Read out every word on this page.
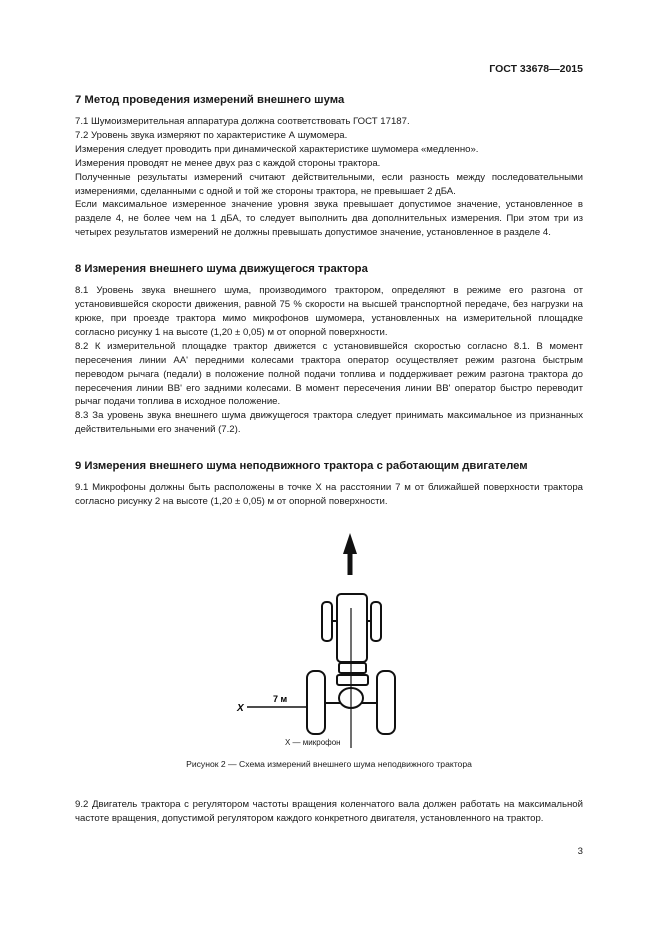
ГОСТ 33678—2015

7 Метод проведения измерений внешнего шума

7.1 Шумоизмерительная аппаратура должна соответствовать ГОСТ 17187.

7.2 Уровень звука измеряют по характеристике А шумомера.

Измерения следует проводить при динамической характеристике шумомера «медленно».

Измерения проводят не менее двух раз с каждой стороны трактора.

Полученные результаты измерений считают действительными, если разность между последовательными измерениями, сделанными с одной и той же стороны трактора, не превышает 2 дБА.

Если максимальное измеренное значение уровня звука превышает допустимое значение, установленное в разделе 4, не более чем на 1 дБА, то следует выполнить два дополнительных измерения. При этом три из четырех результатов измерений не должны превышать допустимое значение, установленное в разделе 4.

8 Измерения внешнего шума движущегося трактора

8.1 Уровень звука внешнего шума, производимого трактором, определяют в режиме его разгона от установившейся скорости движения, равной 75 % скорости на высшей транспортной передаче, без нагрузки на крюке, при проезде трактора мимо микрофонов шумомера, установленных на измерительной площадке согласно рисунку 1 на высоте (1,20 ± 0,05) м от опорной поверхности.

8.2 К измерительной площадке трактор движется с установившейся скоростью согласно 8.1. В момент пересечения линии АА' передними колесами трактора оператор осуществляет режим разгона быстрым переводом рычага (педали) в положение полной подачи топлива и поддерживает режим разгона трактора до пересечения линии ВВ' его задними колесами. В момент пересечения линии ВВ' оператор быстро переводит рычаг подачи топлива в исходное положение.

8.3 За уровень звука внешнего шума движущегося трактора следует принимать максимальное из признанных действительными его значений (7.2).

9 Измерения внешнего шума неподвижного трактора с работающим двигателем

9.1 Микрофоны должны быть расположены в точке X на расстоянии 7 м от ближайшей поверхности трактора согласно рисунку 2 на высоте (1,20 ± 0,05) м от опорной поверхности.

X
7 м
X — микрофон

Рисунок 2 — Схема измерений внешнего шума неподвижного трактора

9.2 Двигатель трактора с регулятором частоты вращения коленчатого вала должен работать на максимальной частоте вращения, допустимой регулятором каждого конкретного двигателя, установленного на трактор.

3
